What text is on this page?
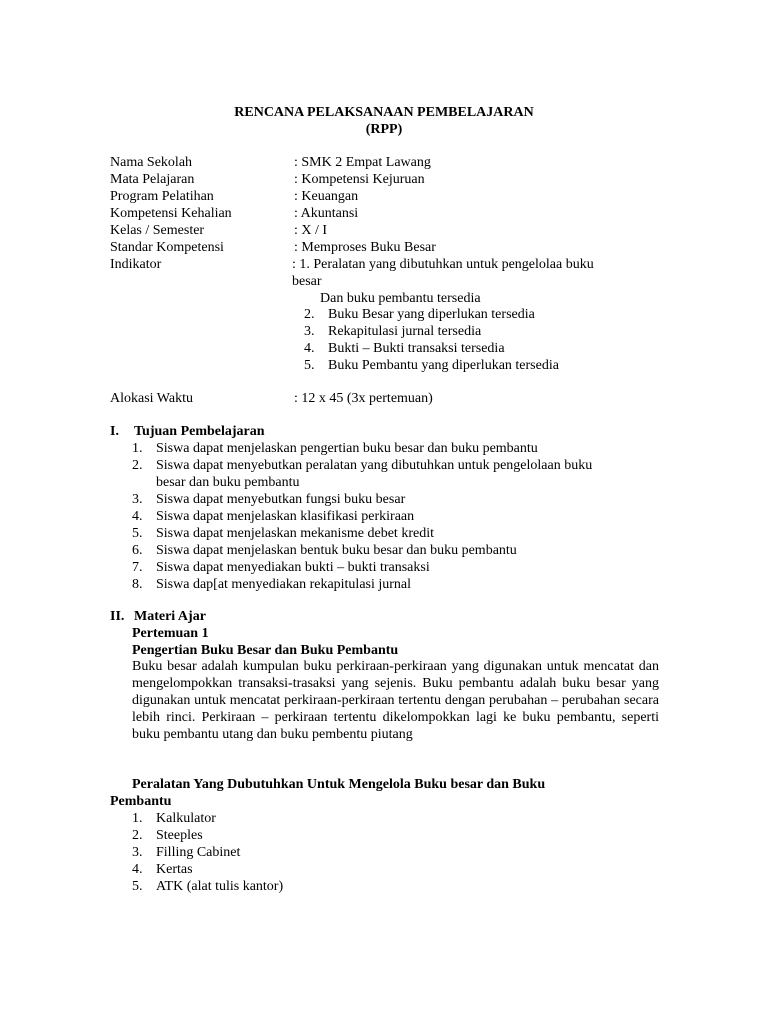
RENCANA PELAKSANAAN PEMBELAJARAN
(RPP)
Nama Sekolah	: SMK 2 Empat Lawang
Mata Pelajaran	: Kompetensi Kejuruan
Program Pelatihan	: Keuangan
Kompetensi Kehalian	: Akuntansi
Kelas / Semester	: X / I
Standar Kompetensi	: Memproses Buku Besar
Indikator	: 1. Peralatan yang dibutuhkan untuk pengelolaa buku
besar
Dan buku pembantu tersedia
2. Buku Besar yang diperlukan tersedia
3. Rekapitulasi jurnal tersedia
4. Bukti – Bukti transaksi tersedia
5. Buku Pembantu yang diperlukan tersedia
Alokasi Waktu	: 12 x 45 (3x pertemuan)
I. Tujuan Pembelajaran
1. Siswa dapat menjelaskan pengertian buku besar dan buku pembantu
2. Siswa dapat menyebutkan peralatan yang dibutuhkan untuk pengelolaan buku
besar dan buku pembantu
3. Siswa dapat menyebutkan fungsi buku besar
4. Siswa dapat menjelaskan klasifikasi perkiraan
5. Siswa dapat menjelaskan mekanisme debet kredit
6. Siswa dapat menjelaskan bentuk buku besar dan buku pembantu
7. Siswa dapat menyediakan bukti – bukti transaksi
8. Siswa dap[at menyediakan rekapitulasi jurnal
II. Materi Ajar
Pertemuan 1
Pengertian Buku Besar dan Buku Pembantu
Buku besar adalah kumpulan buku perkiraan-perkiraan yang digunakan untuk mencatat dan mengelompokkan transaksi-trasaksi yang sejenis. Buku pembantu adalah buku besar yang digunakan untuk mencatat perkiraan-perkiraan tertentu dengan perubahan – perubahan secara lebih rinci. Perkiraan – perkiraan tertentu dikelompokkan lagi ke buku pembantu, seperti buku pembantu utang dan buku pembentu piutang
Peralatan Yang Dubutuhkan Untuk Mengelola Buku besar dan Buku
Pembantu
1. Kalkulator
2. Steeples
3. Filling Cabinet
4. Kertas
5. ATK (alat tulis kantor)
